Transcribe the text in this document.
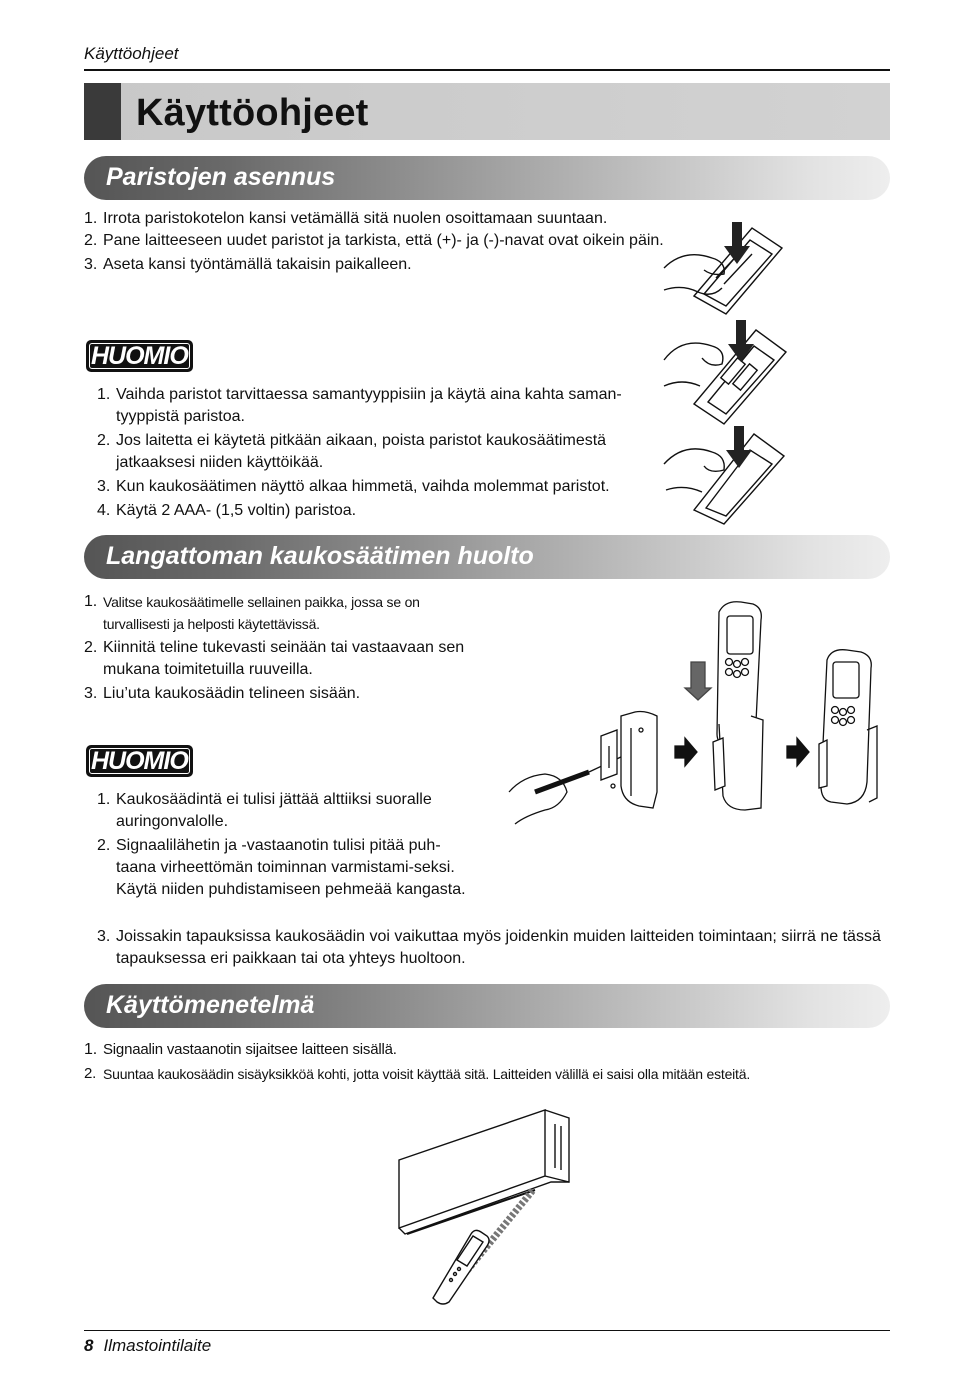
Käyttöohjeet
Käyttöohjeet
Paristojen asennus
1. Irrota paristokotelon kansi vetämällä sitä nuolen osoittamaan suuntaan.
2. Pane laitteeseen uudet paristot ja tarkista, että (+)- ja (-)-navat ovat oikein päin.
3. Aseta kansi työntämällä takaisin paikalleen.
HUOMIO
1. Vaihda paristot tarvittaessa samantyyppisiin ja käytä aina kahta saman-tyyppistä paristoa.
2. Jos laitetta ei käytetä pitkään aikaan, poista paristot kaukosäätimestä jatkaaksesi niiden käyttöikää.
3. Kun kaukosäätimen näyttö alkaa himmetä, vaihda molemmat paristot.
4. Käytä 2 AAA- (1,5 voltin) paristoa.
Langattoman kaukosäätimen huolto
1. Valitse kaukosäätimelle sellainen paikka, jossa se on turvallisesti ja helposti käytettävissä.
2. Kiinnitä teline tukevasti seinään tai vastaavaan sen mukana toimitetuilla ruuveilla.
3. Liu’uta kaukosäädin telineen sisään.
HUOMIO
1. Kaukosäädintä ei tulisi jättää alttiiksi suoralle auringonvalolle.
2. Signaalilähetin ja -vastaanotin tulisi pitää puh-taana virheettömän toiminnan varmistami-seksi. Käytä niiden puhdistamiseen pehmeää kangasta.
3. Joissakin tapauksissa kaukosäädin voi vaikuttaa myös joidenkin muiden laitteiden toimintaan; siirrä ne tässä tapauksessa eri paikkaan tai ota yhteys huoltoon.
Käyttömenetelmä
1. Signaalin vastaanotin sijaitsee laitteen sisällä.
2. Suuntaa kaukosäädin sisäyksikköä kohti, jotta voisit käyttää sitä. Laitteiden välillä ei saisi olla mitään esteitä.
8 Ilmastointilaite
